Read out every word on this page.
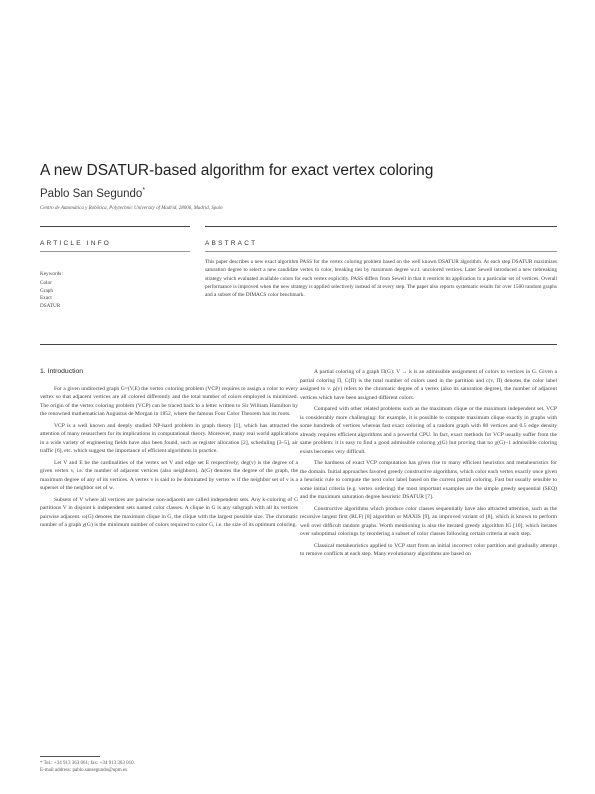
A new DSATUR-based algorithm for exact vertex coloring
Pablo San Segundo*
Centro de Automática y Robótica, Polytechnic University of Madrid, 28006, Madrid, Spain
ARTICLE INFO	ABSTRACT
Keywords:
Color
Graph
Exact
DSATUR
This paper describes a new exact algorithm PASS for the vertex coloring problem based on the well known DSATUR algorithm. At each step DSATUR maximizes saturation degree to select a new candidate vertex to color, breaking ties by maximum degree w.r.t. uncolored vertices. Later Sewell introduced a new tiebreaking strategy which evaluated available colors for each vertex explicitly. PASS differs from Sewell in that it restricts its application to a particular set of vertices. Overall performance is improved when the new strategy is applied selectively instead of at every step. The paper also reports systematic results for over 1500 random graphs and a subset of the DIMACS color benchmark.
1. Introduction

For a given undirected graph G=(V,E) the vertex coloring problem (VCP) requires to assign a color to every vertex so that adjacent vertices are all colored differently and the total number of colors employed is minimized. The origin of the vertex coloring problem (VCP) can be traced back to a letter written to Sir William Hamilton by the renowned mathematician Augustus de Morgan in 1852, where the famous Four Color Theorem has its roots.

VCP is a well known and deeply studied NP-hard problem in graph theory [1], which has attracted the attention of many researchers for its implications in computational theory. Moreover, many real world applications in a wide variety of engineering fields have also been found, such as register allocation [2], scheduling [3–5], air traffic [6], etc. which suggest the importance of efficient algorithms in practice.

Let V and E be the cardinalities of the vertex set V and edge set E respectively, deg(v) is the degree of a given vertex v, i.e. the number of adjacent vertices (also neighbors). Δ(G) denotes the degree of the graph, the maximum degree of any of its vertices. A vertex v is said to be dominated by vertex w if the neighbor set of v is a superset of the neighbor set of w.

Subsets of V where all vertices are pairwise non-adjacent are called independent sets. Any k-coloring of G partitions V in disjoint k independent sets named color classes. A clique in G is any subgraph with all its vertices pairwise adjacent. ω(G) denotes the maximum clique in G, the clique with the largest possible size. The chromatic number of a graph χ(G) is the minimum number of colors required to color G, i.e. the size of its optimum coloring.

A partial coloring of a graph Π(G): V → k is an admissible assignment of colors to vertices in G. Given a partial coloring Π, C(Π) is the total number of colors used in the partition and c(v, Π) denotes the color label assigned to v. ρ(v) refers to the chromatic degree of a vertex (also its saturation degree), the number of adjacent vertices which have been assigned different colors.

Compared with other related problems such as the maximum clique or the maximum independent set, VCP is considerably more challenging: for example, it is possible to compute maximum clique exactly in graphs with some hundreds of vertices whereas fast exact coloring of a random graph with 80 vertices and 0.5 edge density already requires efficient algorithms and a powerful CPU. In fact, exact methods for VCP usually suffer from the same problem: it is easy to find a good admissible coloring χ(G) but proving that no χ(G)−1 admissible coloring exists becomes very difficult.

The hardness of exact VCP computation has given rise to many efficient heuristics and metaheuristics for the domain. Initial approaches favored greedy constructive algorithms, which color each vertex exactly once given a heuristic rule to compute the next color label based on the current partial coloring. Fast but usually sensible to some initial criteria (e.g. vertex ordering) the most important examples are the simple greedy sequential (SEQ) and the maximum saturation degree heuristic DSATUR [7].

Constructive algorithms which produce color classes sequentially have also attracted attention, such as the recursive largest first (RLF) [8] algorithm or MAXIS [9], an improved variant of [8], which is known to perform well over difficult random graphs. Worth mentioning is also the iterated greedy algorithm IG [10], which iterates over suboptimal colorings by reordering a subset of color classes following certain criteria at each step.

Classical metaheuristics applied to VCP start from an initial incorrect color partition and gradually attempt to remove conflicts at each step. Many evolutionary algorithms are based on

* Tel.: +34 913 363 061; fax: +34 913 363 010.
E-mail address: pablo.sansegundo@upm.es
